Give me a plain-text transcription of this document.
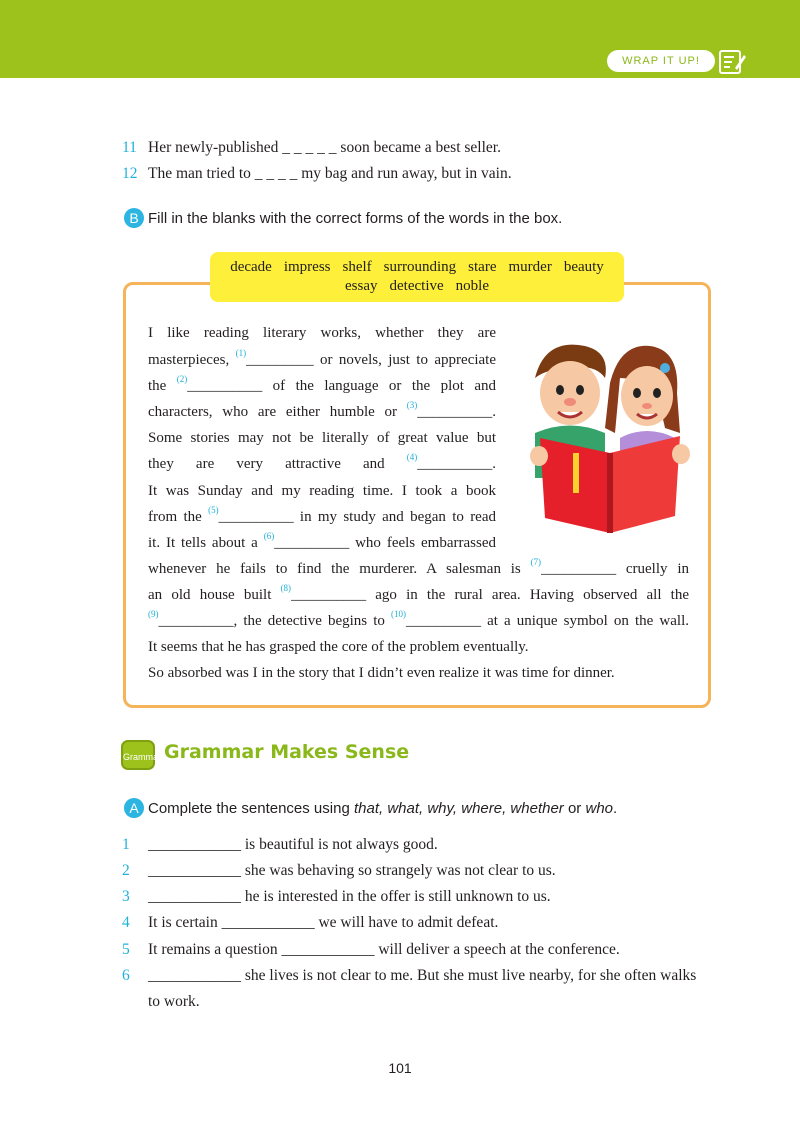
WRAP IT UP!
11 Her newly-published _ _ _ _ _ soon became a best seller.
12 The man tried to _ _ _ _ my bag and run away, but in vain.
B Fill in the blanks with the correct forms of the words in the box.
decade impress shelf surrounding stare murder beauty
essay detective noble
I like reading literary works, whether they are
masterpieces, $^{(1)}$_________ or novels, just to appreciate
the $^{(2)}$__________ of the language or the plot and
characters, who are either humble or $^{(3)}$__________.
Some stories may not be literally of great value but
they are very attractive and $^{(4)}$__________.
It was Sunday and my reading time. I took a book
from the $^{(5)}$__________ in my study and began to read
it. It tells about a $^{(6)}$__________ who feels embarrassed
whenever he fails to find the murderer. A salesman is $^{(7)}$__________ cruelly in
an old house built $^{(8)}$__________ ago in the rural area. Having observed all the
$^{(9)}$__________, the detective begins to $^{(10)}$__________ at a unique symbol on the wall.
It seems that he has grasped the core of the problem eventually.
So absorbed was I in the story that I didn’t even realize it was time for dinner.
Grammar Grammar Makes Sense
A Complete the sentences using that, what, why, where, whether or who.
1 ____________ is beautiful is not always good.
2 ____________ she was behaving so strangely was not clear to us.
3 ____________ he is interested in the offer is still unknown to us.
4 It is certain ____________ we will have to admit defeat.
5 It remains a question ____________ will deliver a speech at the conference.
6 ____________ she lives is not clear to me. But she must live nearby, for she often walks
to work.
101
